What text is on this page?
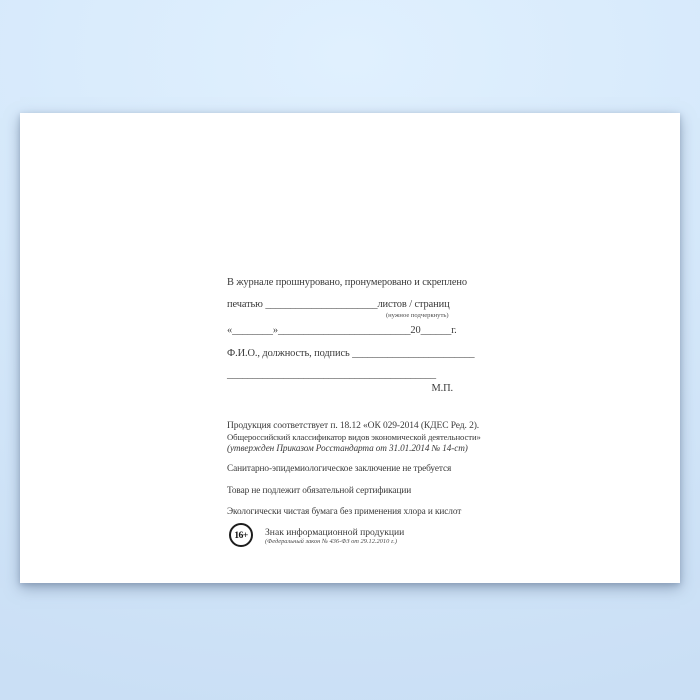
В журнале прошнуровано, пронумеровано и скреплено

печатью ______________________листов / страниц
(нужное подчеркнуть)

«________»__________________________20______г.

Ф.И.О., должность, подпись ________________________

_________________________________________

М.П.

Продукция соответствует п. 18.12 «ОК 029-2014 (КДЕС Ред. 2).

Общероссийский классификатор видов экономической деятельности»

(утвержден Приказом Росстандарта от 31.01.2014 № 14-ст)

Санитарно-эпидемиологическое заключение не требуется

Товар не подлежит обязательной сертификации

Экологически чистая бумага без применения хлора и кислот

16+ Знак информационной продукции
(Федеральный закон № 436-ФЗ от 29.12.2010 г.)
